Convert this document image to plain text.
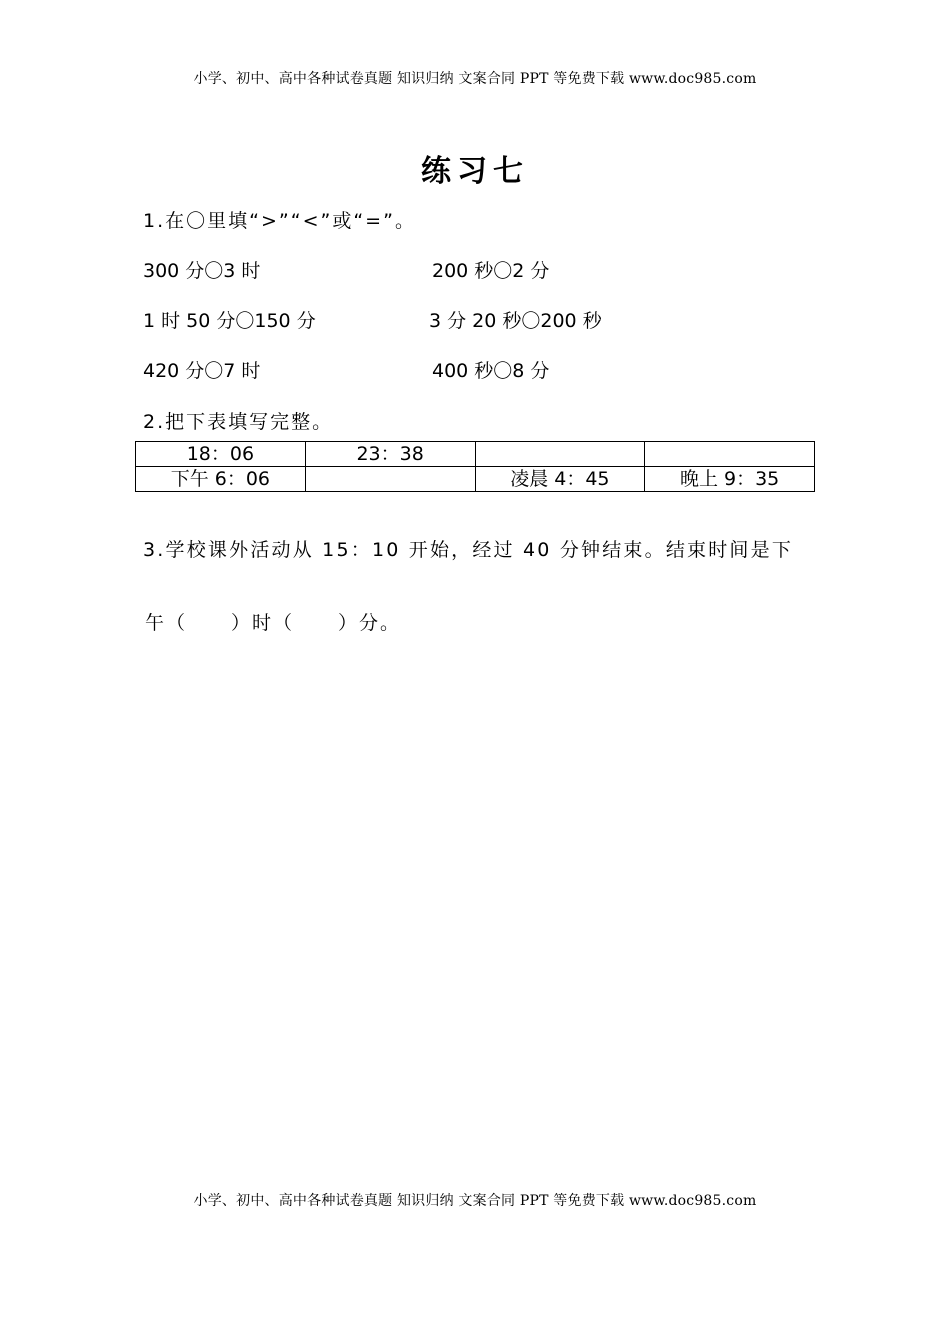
小学、初中、高中各种试卷真题 知识归纳 文案合同 PPT 等免费下载 www.doc985.com
练习七
1.在〇里填“>”“<”或“=”。
300 分〇3 时	200 秒〇2 分
1 时 50 分〇150 分	3 分 20 秒〇200 秒
420 分〇7 时	400 秒〇8 分
2.把下表填写完整。
18：06	23：38		
下午 6：06		凌晨 4：45	晚上 9：35
3.学校课外活动从 15：10 开始，经过 40 分钟结束。结束时间是下
午（ ）时（ ）分。
小学、初中、高中各种试卷真题 知识归纳 文案合同 PPT 等免费下载 www.doc985.com
